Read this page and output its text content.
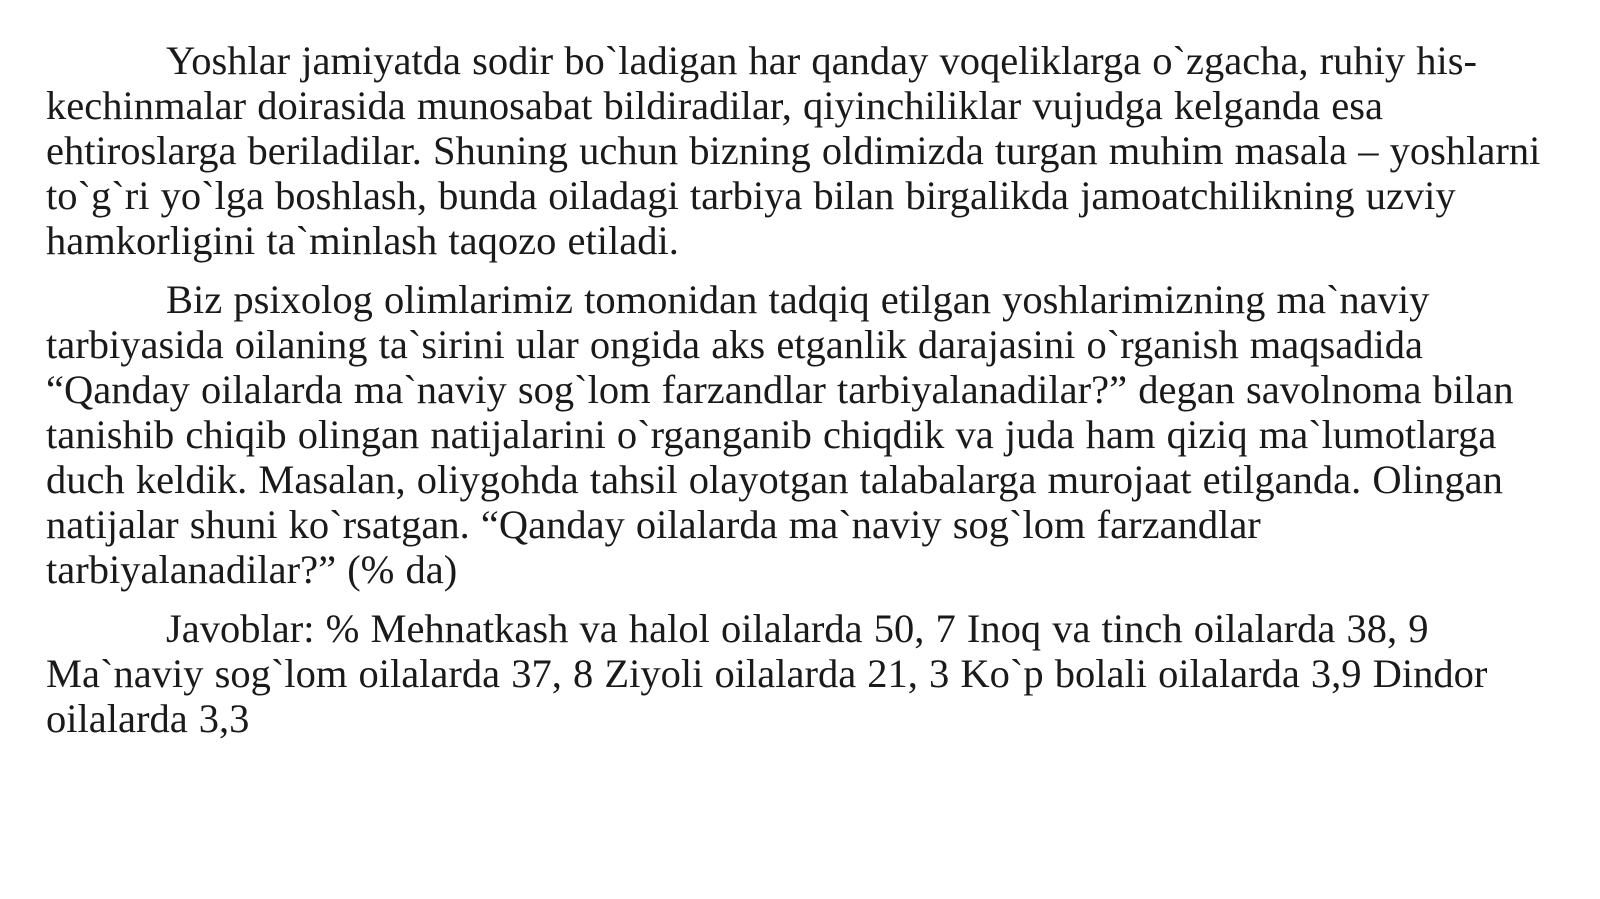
Yoshlar jamiyatda sodir bo`ladigan har qanday voqeliklarga o`zgacha, ruhiy his-kechinmalar doirasida munosabat bildiradilar, qiyinchiliklar vujudga kelganda esa ehtiroslarga beriladilar. Shuning uchun bizning oldimizda turgan muhim masala – yoshlarni to`g`ri yo`lga boshlash, bunda oiladagi tarbiya bilan birgalikda jamoatchilikning uzviy hamkorligini ta`minlash taqozo etiladi.

Biz psixolog olimlarimiz tomonidan tadqiq etilgan yoshlarimizning ma`naviy tarbiyasida oilaning ta`sirini ular ongida aks etganlik darajasini o`rganish maqsadida “Qanday oilalarda ma`naviy sog`lom farzandlar tarbiyalanadilar?” degan savolnoma bilan tanishib chiqib olingan natijalarini o`rganganib chiqdik va juda ham qiziq ma`lumotlarga duch keldik. Masalan, oliygohda tahsil olayotgan talabalarga murojaat etilganda. Olingan natijalar shuni ko`rsatgan. “Qanday oilalarda ma`naviy sog`lom farzandlar tarbiyalanadilar?” (% da)

Javoblar: % Mehnatkash va halol oilalarda 50, 7 Inoq va tinch oilalarda 38, 9 Ma`naviy sog`lom oilalarda 37, 8 Ziyoli oilalarda 21, 3 Ko`p bolali oilalarda 3,9 Dindor oilalarda 3,3
